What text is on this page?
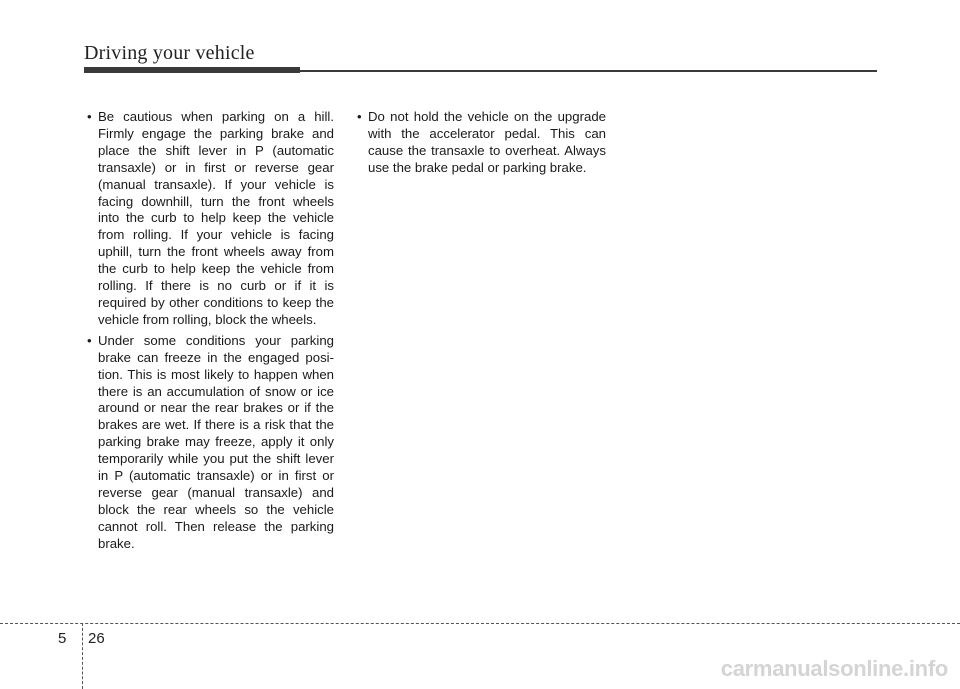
Driving your vehicle
• Be cautious when parking on a hill. Firmly engage the parking brake and place the shift lever in P (automatic transaxle) or in first or reverse gear (manual transaxle). If your vehicle is facing downhill, turn the front wheels into the curb to help keep the vehicle from rolling. If your vehicle is facing uphill, turn the front wheels away from the curb to help keep the vehicle from rolling. If there is no curb or if it is required by other conditions to keep the vehicle from rolling, block the wheels.
• Under some conditions your parking brake can freeze in the engaged posi-tion. This is most likely to happen when there is an accumulation of snow or ice around or near the rear brakes or if the brakes are wet. If there is a risk that the parking brake may freeze, apply it only temporarily while you put the shift lever in P (automatic transaxle) or in first or reverse gear (manual transaxle) and block the rear wheels so the vehicle cannot roll. Then release the parking brake.
• Do not hold the vehicle on the upgrade with the accelerator pedal. This can cause the transaxle to overheat. Always use the brake pedal or parking brake.
5 26
carmanualsonline.info
